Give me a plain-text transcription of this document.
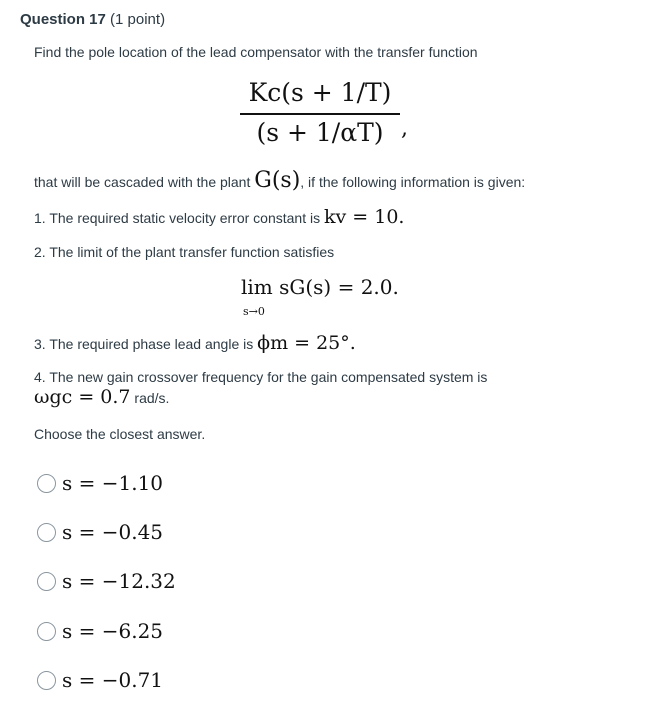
Question 17 (1 point)
Find the pole location of the lead compensator with the transfer function
Kc(s + 1/T)
(s + 1/αT) ,
that will be cascaded with the plant G(s), if the following information is given:
1. The required static velocity error constant is kv = 10.
2. The limit of the plant transfer function satisfies
lim sG(s) = 2.0.
s→0
3. The required phase lead angle is ϕm = 25°.
4. The new gain crossover frequency for the gain compensated system is
ωgc = 0.7 rad/s.
Choose the closest answer.
s = −1.10
s = −0.45
s = −12.32
s = −6.25
s = −0.71
